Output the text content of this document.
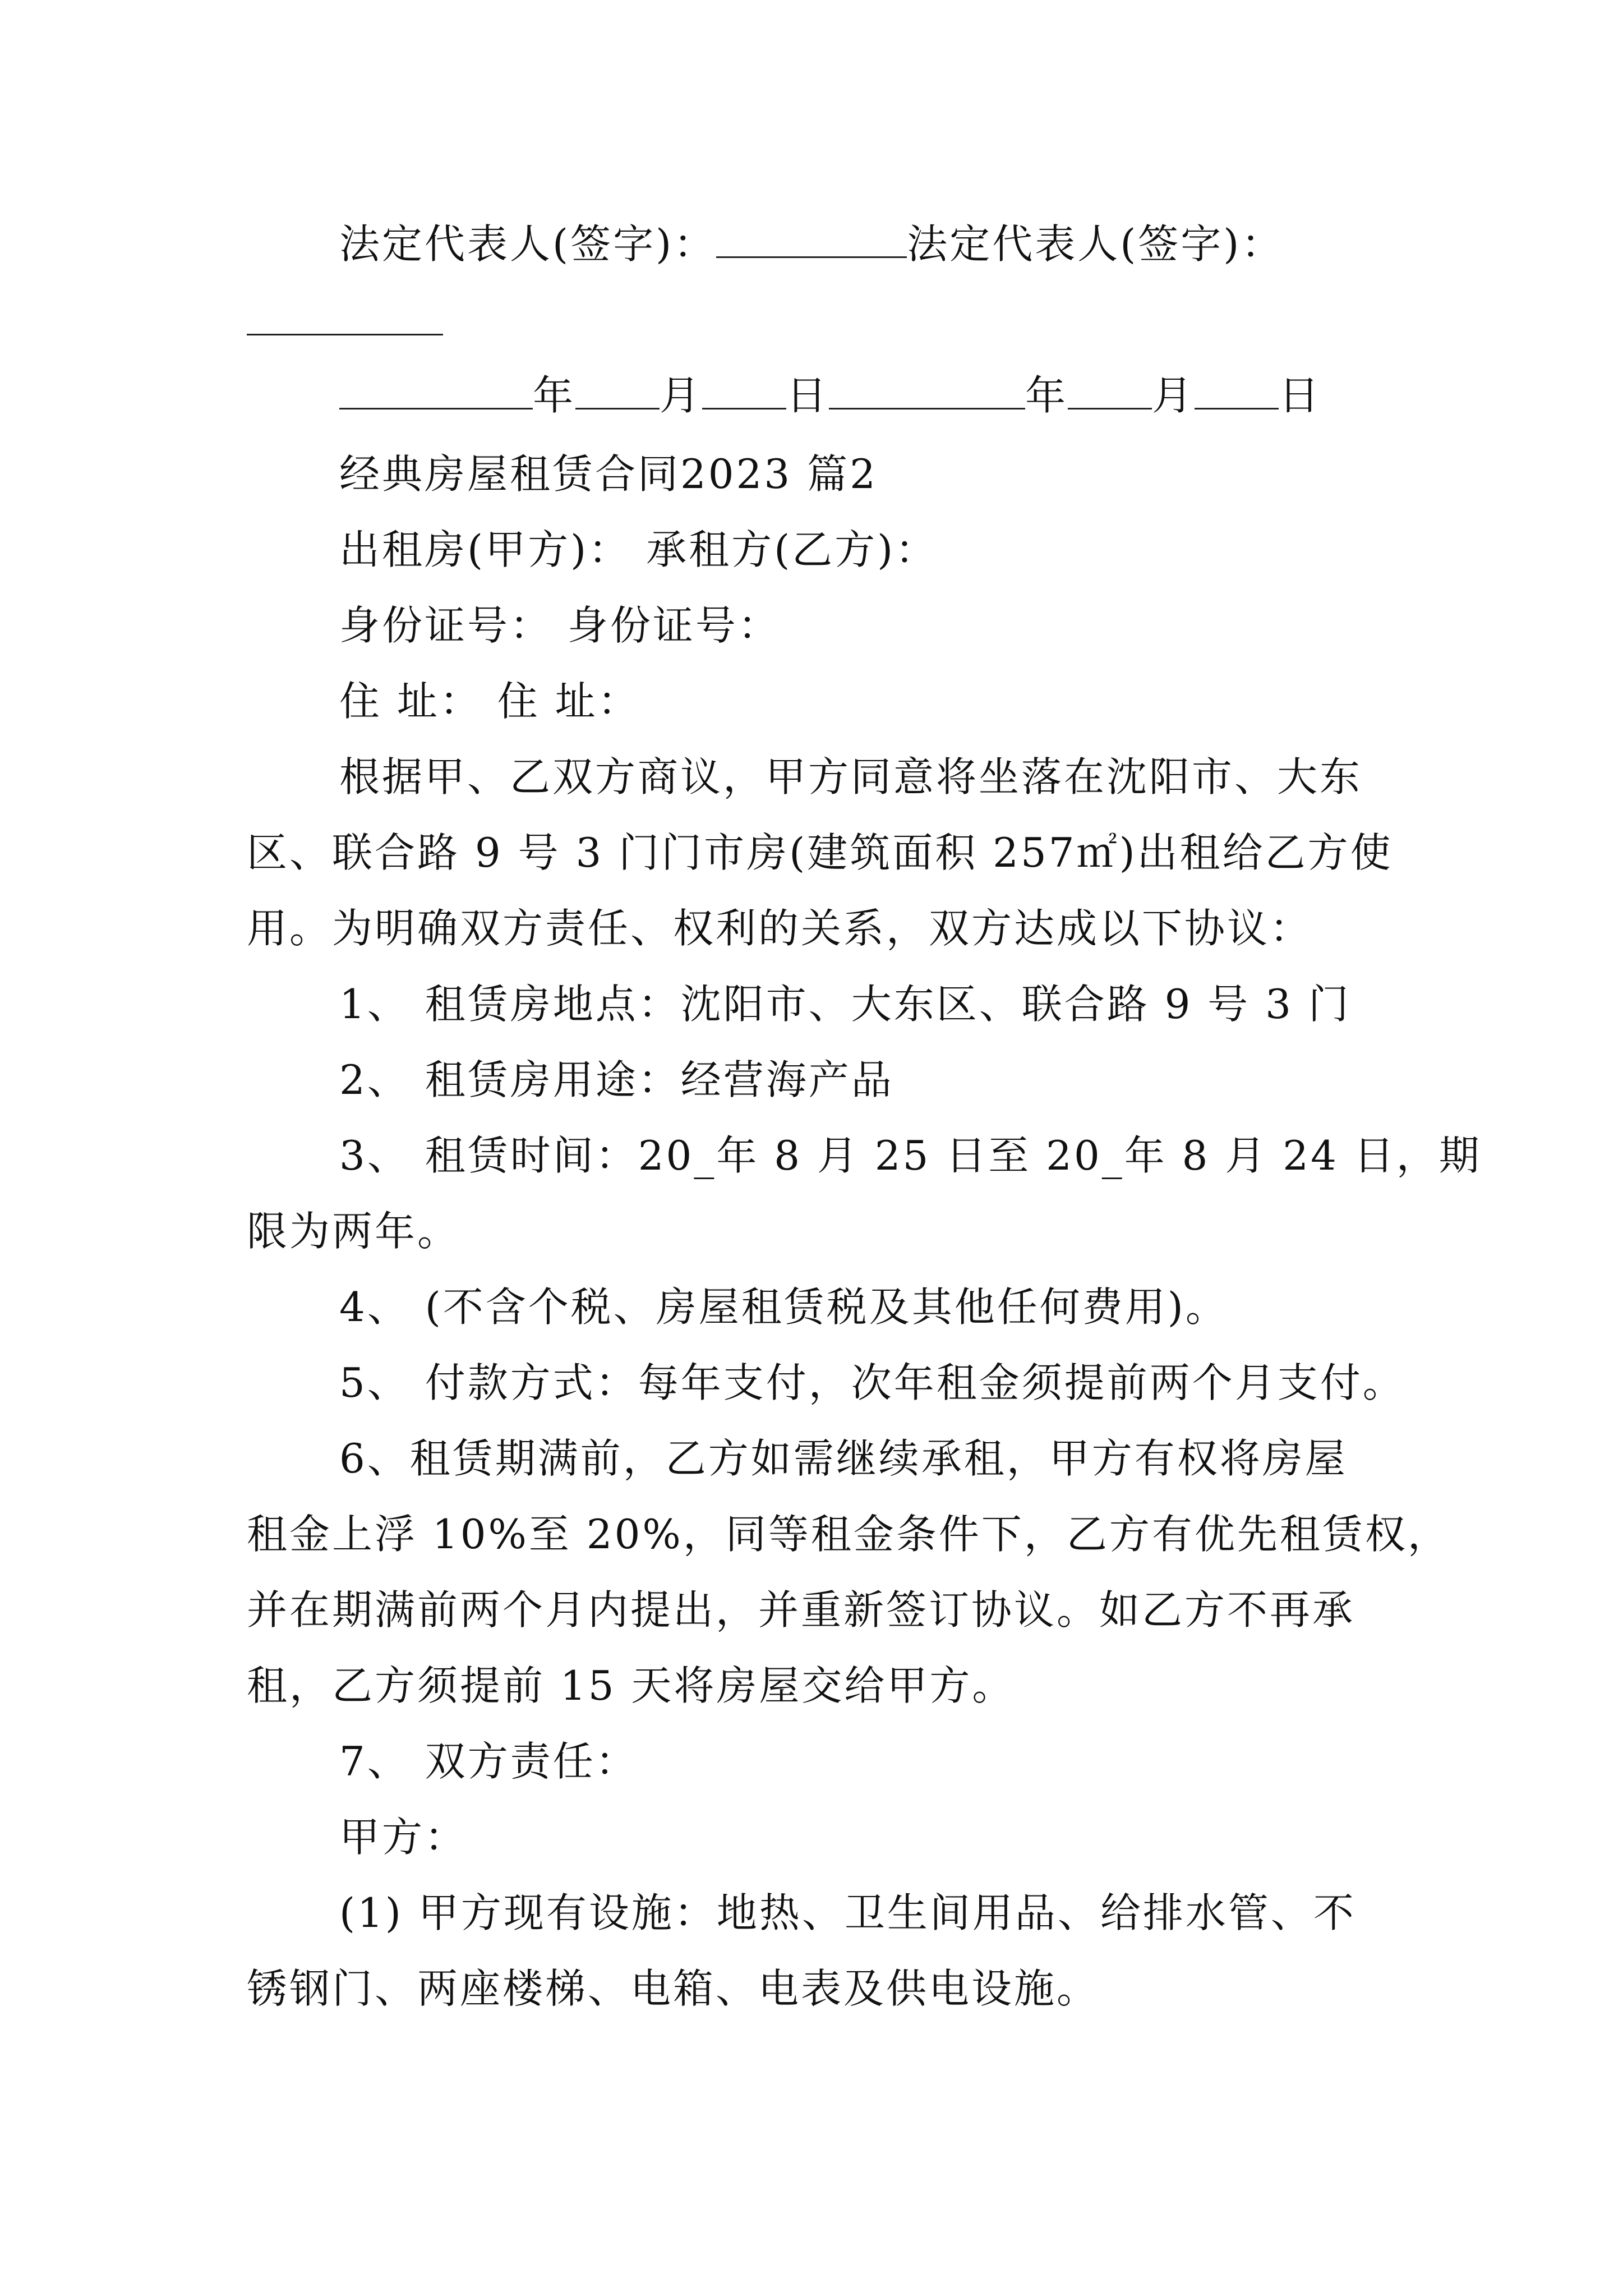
法定代表人(签字)：	法定代表人(签字)：
年 月 日	年 月 日
经典房屋租赁合同2023 篇2
出租房(甲方)： 承租方(乙方)：
身份证号： 身份证号：
住 址： 住 址：
根据甲、乙双方商议，甲方同意将坐落在沈阳市、大东
区、联合路 9 号 3 门门市房(建筑面积 257㎡)出租给乙方使
用。为明确双方责任、权利的关系，双方达成以下协议：
1、 租赁房地点：沈阳市、大东区、联合路 9 号 3 门
2、 租赁房用途：经营海产品
3、 租赁时间：20_年 8 月 25 日至 20_年 8 月 24 日，期
限为两年。
4、 (不含个税、房屋租赁税及其他任何费用)。
5、 付款方式：每年支付，次年租金须提前两个月支付。
6、租赁期满前，乙方如需继续承租，甲方有权将房屋
租金上浮 10%至 20%，同等租金条件下，乙方有优先租赁权，
并在期满前两个月内提出，并重新签订协议。如乙方不再承
租，乙方须提前 15 天将房屋交给甲方。
7、 双方责任：
甲方：
(1) 甲方现有设施：地热、卫生间用品、给排水管、不
锈钢门、两座楼梯、电箱、电表及供电设施。
